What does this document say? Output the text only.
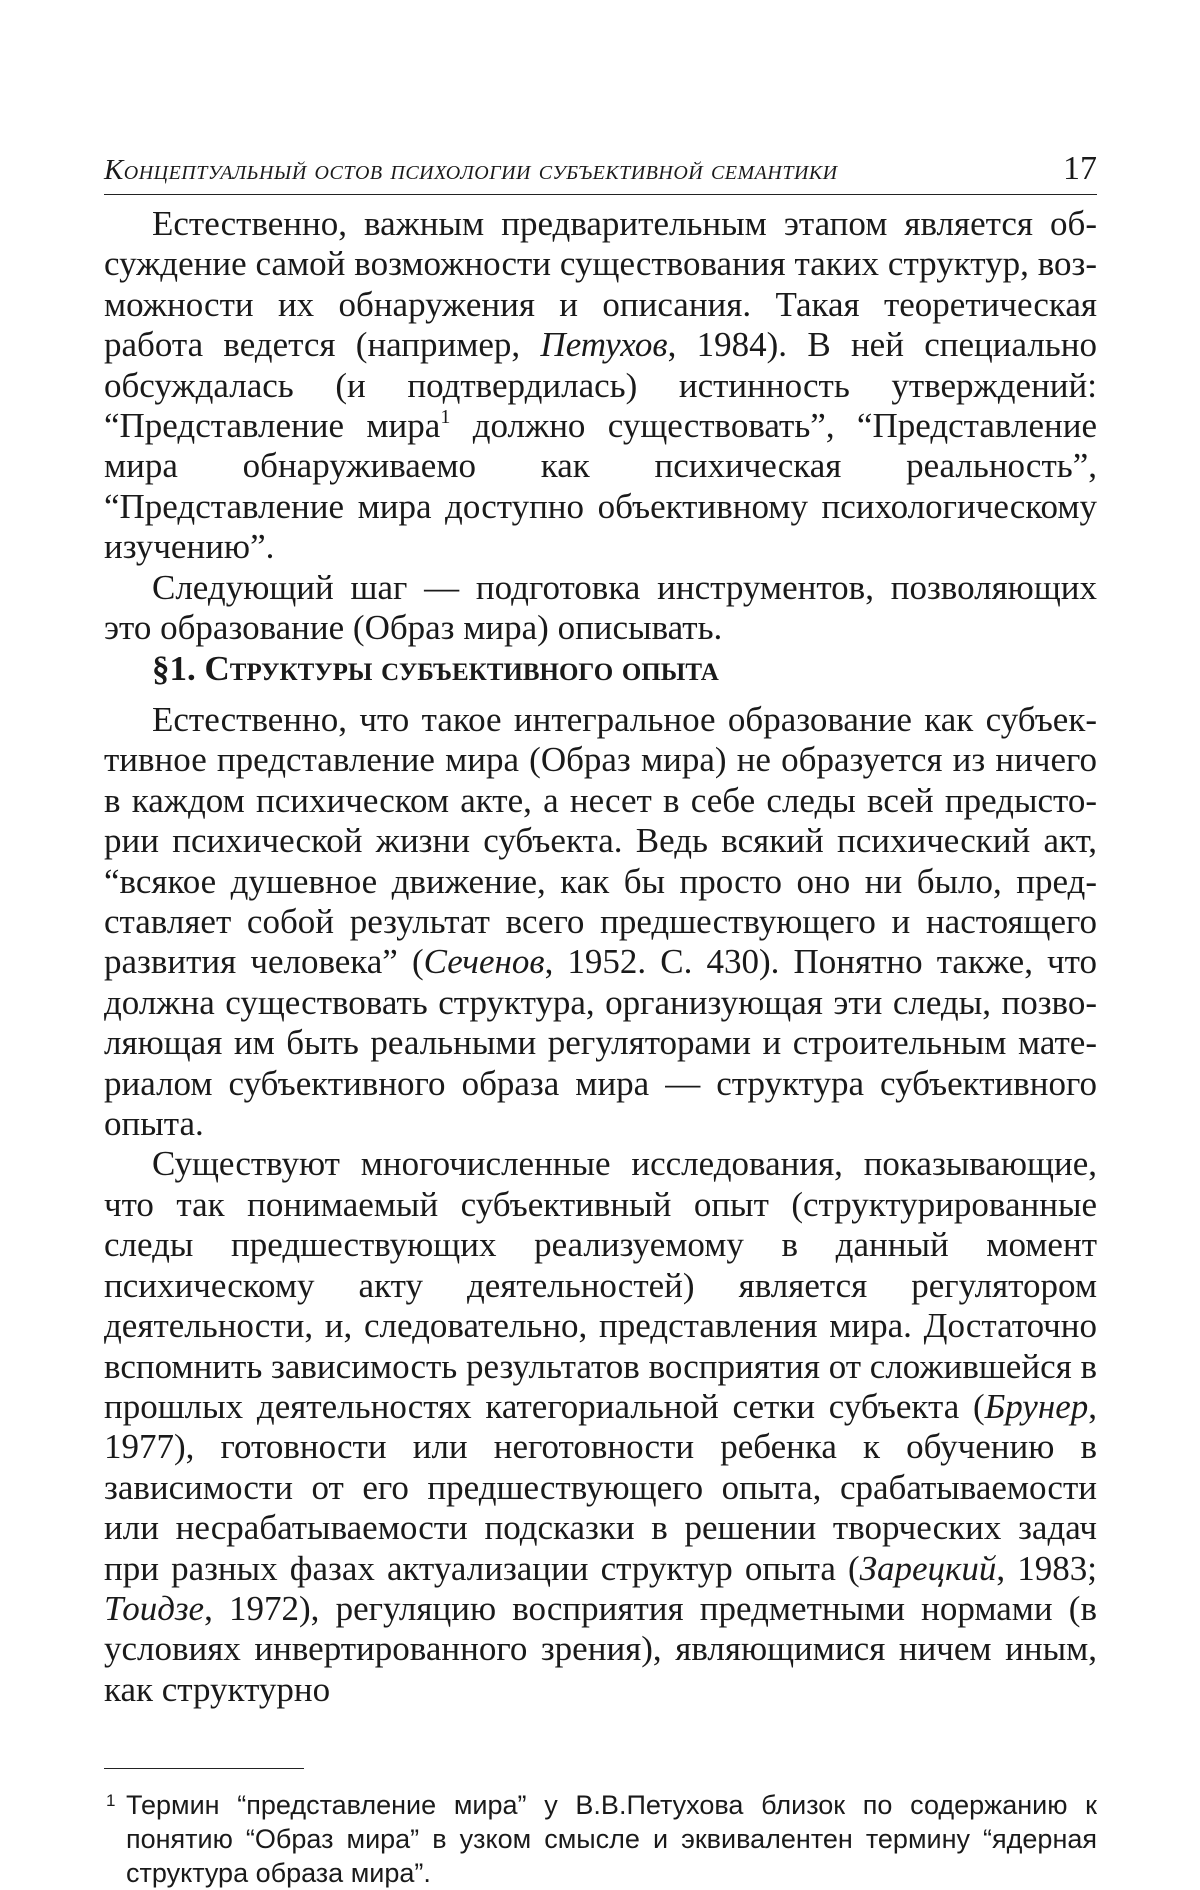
Концептуальный остов психологии субъективной семантики	17

Естественно, важным предварительным этапом является обсуждение самой возможности существования таких структур, возможности их обнаружения и описания. Такая теоретическая работа ведется (например, Петухов, 1984). В ней специально обсуждалась (и подтвердилась) истинность утверждений: “Представление мира$^1$ должно существовать”, “Представление мира обнаруживаемо как психическая реальность”, “Представление мира доступно объективному психологическому изучению”.

Следующий шаг — подготовка инструментов, позволяющих это образование (Образ мира) описывать.

§1. Структуры субъективного опыта

Естественно, что такое интегральное образование как субъективное представление мира (Образ мира) не образуется из ничего в каждом психическом акте, а несет в себе следы всей предыстории психической жизни субъекта. Ведь всякий психический акт, “всякое душевное движение, как бы просто оно ни было, представляет собой результат всего предшествующего и настоящего развития человека” (Сеченов, 1952. С. 430). Понятно также, что должна существовать структура, организующая эти следы, позволяющая им быть реальными регуляторами и строительным материалом субъективного образа мира — структура субъективного опыта.

Существуют многочисленные исследования, показывающие, что так понимаемый субъективный опыт (структурированные следы предшествующих реализуемому в данный момент психическому акту деятельностей) является регулятором деятельности, и, следовательно, представления мира. Достаточно вспомнить зависимость результатов восприятия от сложившейся в прошлых деятельностях категориальной сетки субъекта (Брунер, 1977), готовности или неготовности ребенка к обучению в зависимости от его предшествующего опыта, срабатываемости или несрабатываемости подсказки в решении творческих задач при разных фазах актуализации структур опыта (Зарецкий, 1983; Тоидзе, 1972), регуляцию восприятия предметными нормами (в условиях инвертированного зрения), являющимися ничем иным, как структурно

1 Термин “представление мира” у В.В.Петухова близок по содержанию к понятию “Образ мира” в узком смысле и эквивалентен термину “ядерная структура образа мира”.
